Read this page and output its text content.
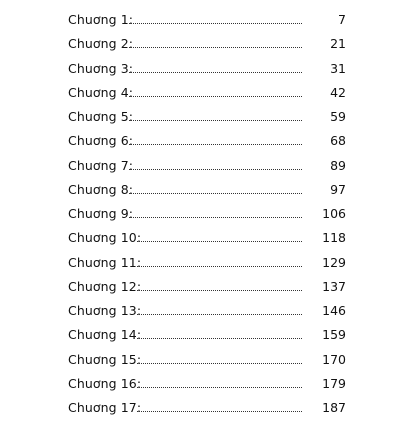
Chuơng 1:	7
Chuơng 2:	21
Chuơng 3:	31
Chuơng 4:	42
Chuơng 5:	59
Chuơng 6:	68
Chuơng 7:	89
Chuơng 8:	97
Chuơng 9:	106
Chuơng 10:	118
Chuơng 11:	129
Chuơng 12:	137
Chuơng 13:	146
Chuơng 14:	159
Chuơng 15:	170
Chuơng 16:	179
Chuơng 17:	187
